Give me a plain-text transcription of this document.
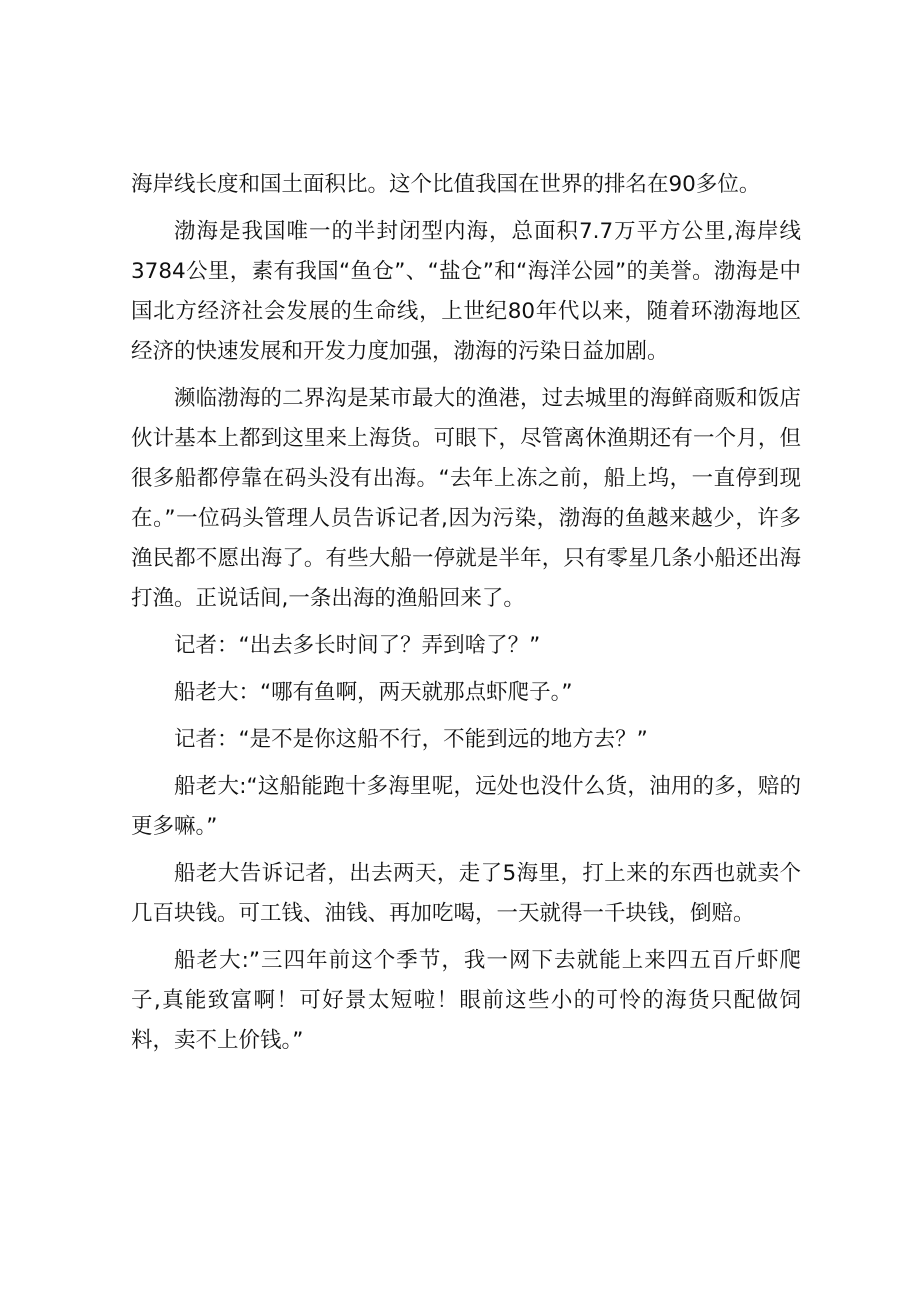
海岸线长度和国土面积比。这个比值我国在世界的排名在90多位。

渤海是我国唯一的半封闭型内海，总面积7.7万平方公里,海岸线3784公里，素有我国“鱼仓”、“盐仓”和“海洋公园”的美誉。渤海是中国北方经济社会发展的生命线，上世纪80年代以来，随着环渤海地区经济的快速发展和开发力度加强，渤海的污染日益加剧。

濒临渤海的二界沟是某市最大的渔港，过去城里的海鲜商贩和饭店伙计基本上都到这里来上海货。可眼下，尽管离休渔期还有一个月，但很多船都停靠在码头没有出海。“去年上冻之前，船上坞，一直停到现在。”一位码头管理人员告诉记者,因为污染，渤海的鱼越来越少，许多渔民都不愿出海了。有些大船一停就是半年，只有零星几条小船还出海打渔。正说话间,一条出海的渔船回来了。

记者：“出去多长时间了？弄到啥了？”

船老大：“哪有鱼啊，两天就那点虾爬子。”

记者：“是不是你这船不行，不能到远的地方去？”

船老大:“这船能跑十多海里呢，远处也没什么货，油用的多，赔的更多嘛。”

船老大告诉记者，出去两天，走了5海里，打上来的东西也就卖个几百块钱。可工钱、油钱、再加吃喝，一天就得一千块钱，倒赔。

船老大:”三四年前这个季节，我一网下去就能上来四五百斤虾爬子,真能致富啊！可好景太短啦！眼前这些小的可怜的海货只配做饲料，卖不上价钱。”
